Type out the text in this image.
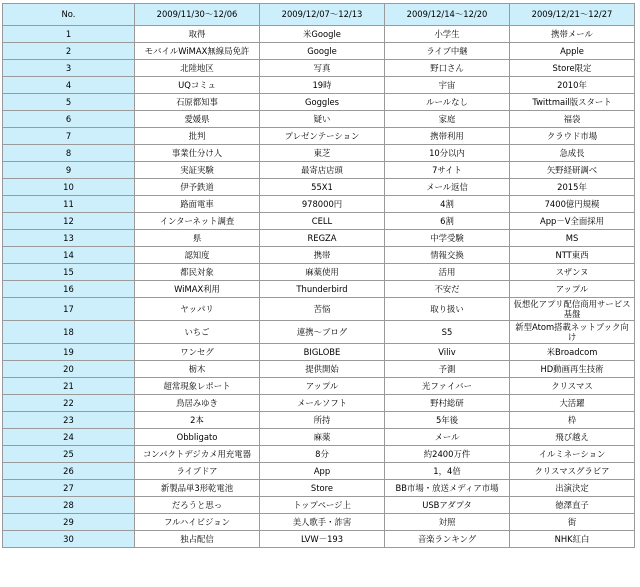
No.	2009/11/30～12/06	2009/12/07～12/13	2009/12/14～12/20	2009/12/21～12/27
1	取得	米Google	小学生	携帯メール
2	モバイルWiMAX無線局免許	Google	ライブ中継	Apple
3	北陸地区	写真	野口さん	Store限定
4	UQコミュ	19時	宇宙	2010年
5	石原都知事	Goggles	ルールなし	Twittmail版スタート
6	愛媛県	疑い	家庭	福袋
7	批判	プレゼンテーション	携帯利用	クラウド市場
8	事業仕分け人	東芝	10分以内	急成長
9	実証実験	最寄店店頭	7サイト	矢野経研調べ
10	伊予鉄道	55X1	メール返信	2015年
11	路面電車	978000円	4割	7400億円規模
12	インターネット調査	CELL	6割	App－V全面採用
13	県	REGZA	中学受験	MS
14	認知度	携帯	情報交換	NTT東西
15	都民対象	麻薬使用	活用	スザンヌ
16	WiMAX利用	Thunderbird	不安だ	アップル
17	ヤッパリ	苦悩	取り扱い	仮想化アプリ配信商用サービス基盤
18	いちご	連携～ブログ	S5	新型Atom搭載ネットブック向け
19	ワンセグ	BIGLOBE	Viliv	米Broadcom
20	栃木	提供開始	予測	HD動画再生技術
21	超常現象レポート	アップル	光ファイバー	クリスマス
22	鳥居みゆき	メールソフト	野村総研	大活躍
23	2本	所持	5年後	枠
24	Obbligato	麻薬	メール	飛び越え
25	コンパクトデジカメ用充電器	8分	約2400万件	イルミネーション
26	ライブドア	App	1，4倍	クリスマスグラビア
27	新製品単3形乾電池	Store	BB市場・放送メディア市場	出演決定
28	だろうと思っ	トップページ上	USBアダプタ	徳澤直子
29	フルハイビジョン	美人歌手・詐害	対照	街
30	独占配信	LVW－193	音楽ランキング	NHK紅白
